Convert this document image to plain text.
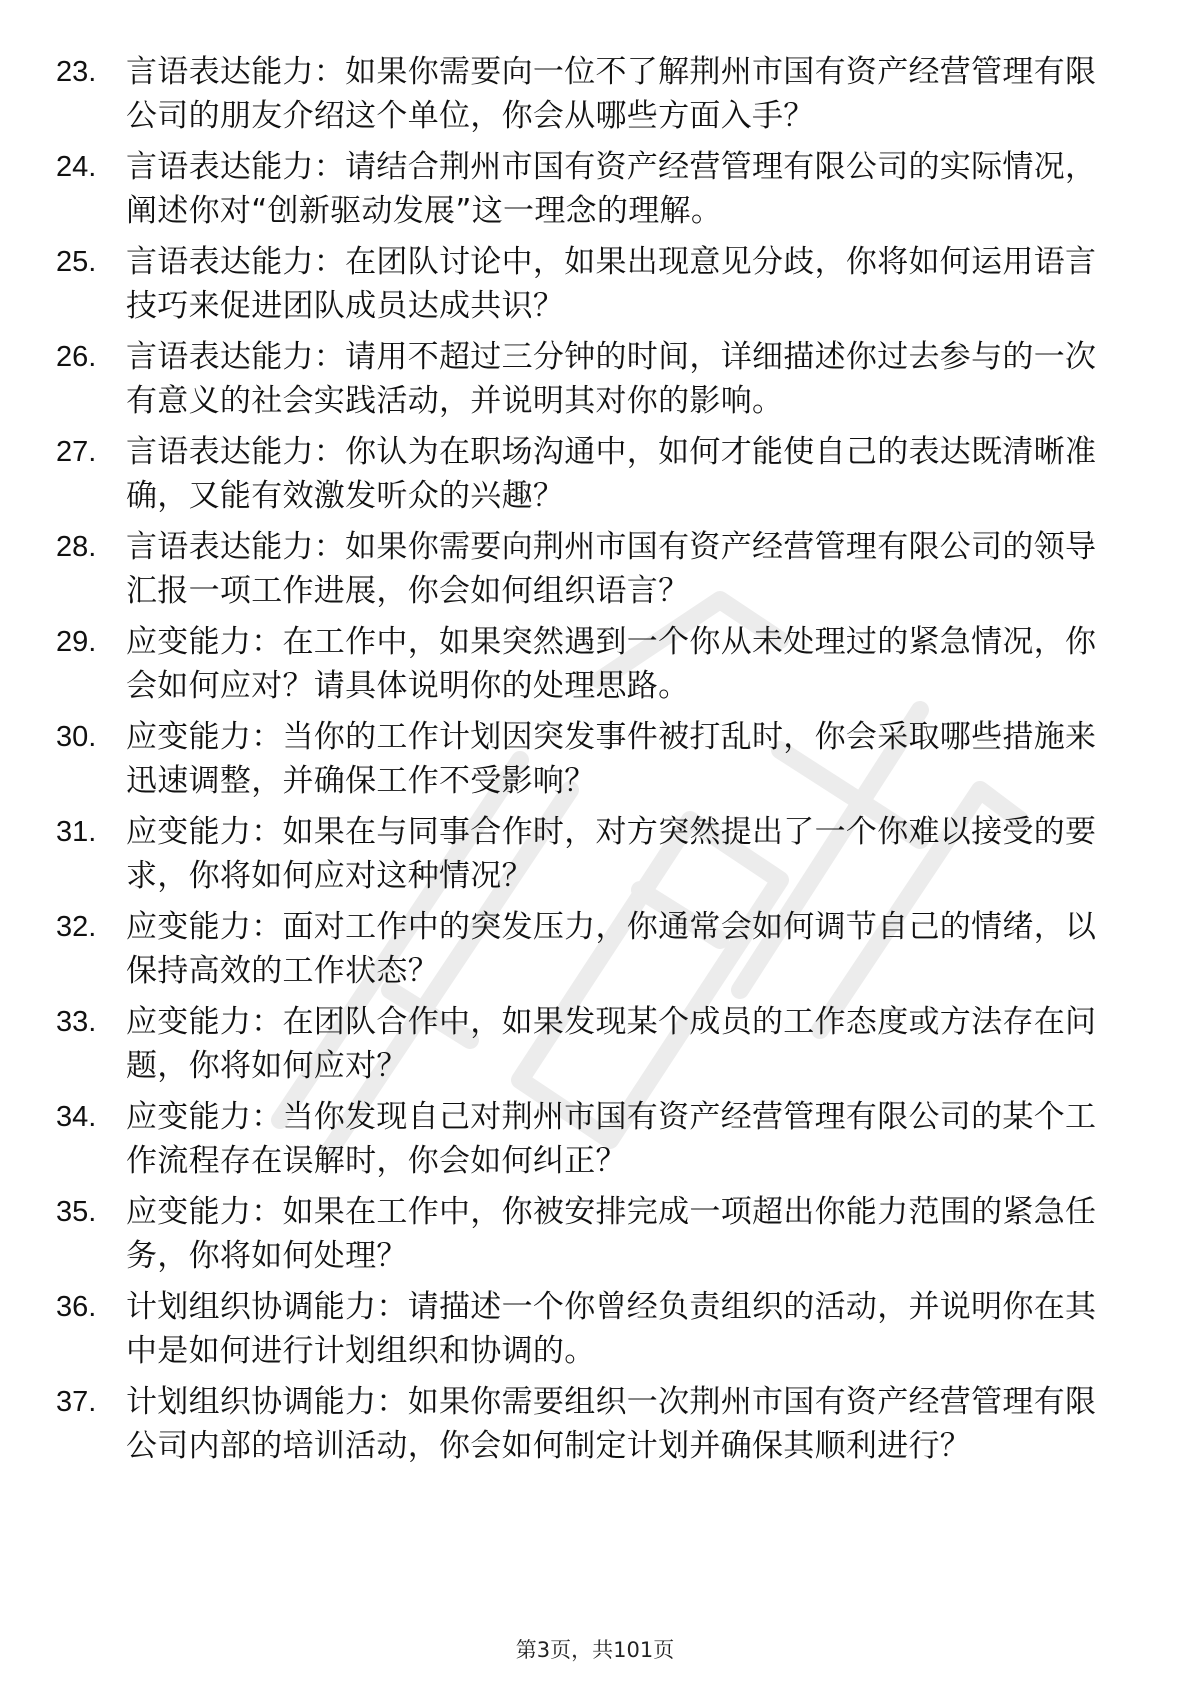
23. 言语表达能力：如果你需要向一位不了解荆州市国有资产经营管理有限公司的朋友介绍这个单位，你会从哪些方面入手？

24. 言语表达能力：请结合荆州市国有资产经营管理有限公司的实际情况，阐述你对“创新驱动发展”这一理念的理解。

25. 言语表达能力：在团队讨论中，如果出现意见分歧，你将如何运用语言技巧来促进团队成员达成共识？

26. 言语表达能力：请用不超过三分钟的时间，详细描述你过去参与的一次有意义的社会实践活动，并说明其对你的影响。

27. 言语表达能力：你认为在职场沟通中，如何才能使自己的表达既清晰准确，又能有效激发听众的兴趣？

28. 言语表达能力：如果你需要向荆州市国有资产经营管理有限公司的领导汇报一项工作进展，你会如何组织语言？

29. 应变能力：在工作中，如果突然遇到一个你从未处理过的紧急情况，你会如何应对？请具体说明你的处理思路。

30. 应变能力：当你的工作计划因突发事件被打乱时，你会采取哪些措施来迅速调整，并确保工作不受影响？

31. 应变能力：如果在与同事合作时，对方突然提出了一个你难以接受的要求，你将如何应对这种情况？

32. 应变能力：面对工作中的突发压力，你通常会如何调节自己的情绪，以保持高效的工作状态？

33. 应变能力：在团队合作中，如果发现某个成员的工作态度或方法存在问题，你将如何应对？

34. 应变能力：当你发现自己对荆州市国有资产经营管理有限公司的某个工作流程存在误解时，你会如何纠正？

35. 应变能力：如果在工作中，你被安排完成一项超出你能力范围的紧急任务，你将如何处理？

36. 计划组织协调能力：请描述一个你曾经负责组织的活动，并说明你在其中是如何进行计划组织和协调的。

37. 计划组织协调能力：如果你需要组织一次荆州市国有资产经营管理有限公司内部的培训活动，你会如何制定计划并确保其顺利进行？

第3页，共101页
